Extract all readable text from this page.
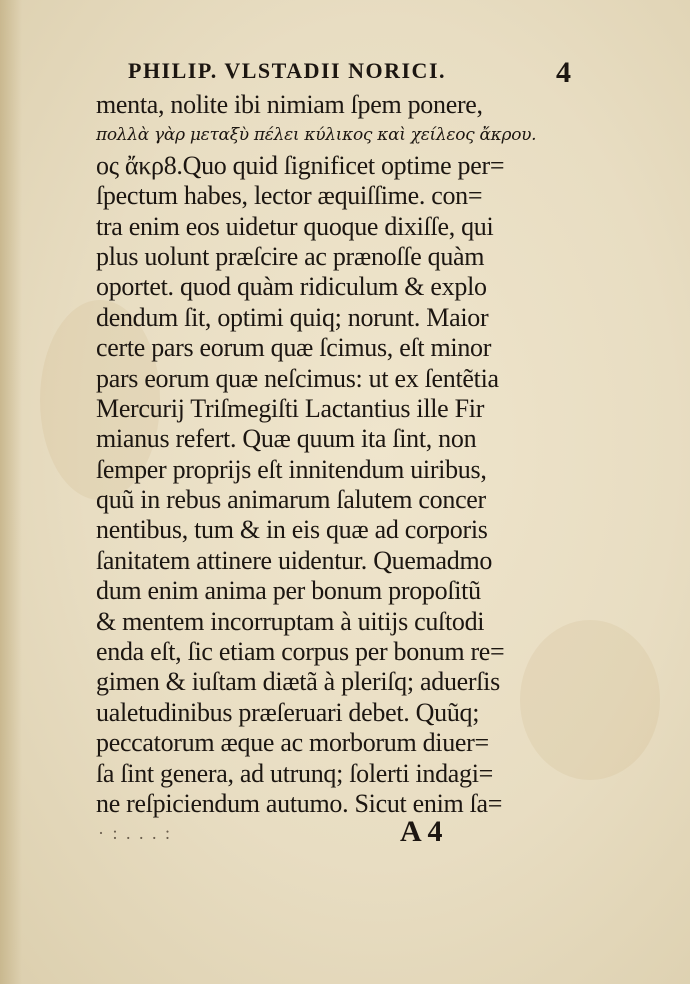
PHILIP. VLSTADII NORICI.	4
menta, nolite ibi nimiam ſpem ponere,
πολλὰ γὰρ μεταξὺ πέλει κύλικος καὶ χείλεος ἄκρου.
ος ἄκρ8.Quo quid ſignificet optime per=
ſpectum habes, lector æquiſſime. con=
tra enim eos uidetur quoque dixiſſe, qui
plus uolunt præſcire ac prænoſſe quàm
oportet. quod quàm ridiculum & explo
dendum ſit, optimi quiq; norunt. Maior
certe pars eorum quæ ſcimus, eſt minor
pars eorum quæ neſcimus: ut ex ſentẽtia
Mercurij Triſmegiſti Lactantius ille Fir
mianus refert. Quæ quum ita ſint, non
ſemper proprijs eſt innitendum uiribus,
quũ in rebus animarum ſalutem concer
nentibus, tum & in eis quæ ad corporis
ſanitatem attinere uidentur. Quemadmo
dum enim anima per bonum propoſitũ
& mentem incorruptam à uitijs cuſtodi
enda eſt, ſic etiam corpus per bonum re=
gimen & iuſtam diætã à pleriſq; aduerſis
ualetudinibus præſeruari debet. Quũq;
peccatorum æque ac morborum diuer=
ſa ſint genera, ad utrunq; ſolerti indagi=
ne reſpiciendum autumo. Sicut enim ſa=
· : . . . :	A 4
